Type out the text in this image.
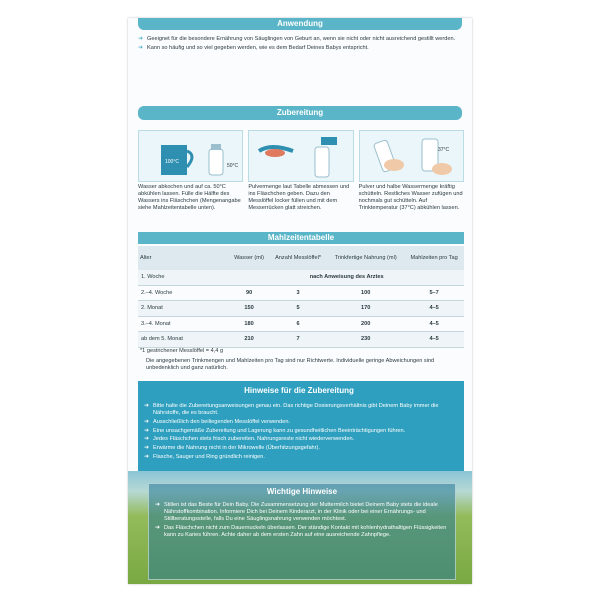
Anwendung
➜ Geeignet für die besondere Ernährung von Säuglingen von Geburt an, wenn sie nicht oder nicht ausreichend gestillt werden.
➜ Kann so häufig und so viel gegeben werden, wie es dem Bedarf Deines Babys entspricht.
Zubereitung
100°C
50°C
37°C
Wasser abkochen und auf ca. 50°C abkühlen lassen. Fülle die Hälfte des Wassers ins Fläschchen (Mengenangabe siehe Mahlzeitentabelle unten).
Pulvermenge laut Tabelle abmessen und ins Fläschchen geben. Dazu den Messlöffel locker füllen und mit dem Messerrücken glatt streichen.
Pulver und halbe Wassermenge kräftig schütteln. Restliches Wasser zufügen und nochmals gut schütteln. Auf Trinktemperatur (37°C) abkühlen lassen.
Mahlzeitentabelle
Alter	Wasser (ml)	Anzahl Messlöffel*	Trinkfertige Nahrung (ml)	Mahlzeiten pro Tag
1. Woche	nach Anweisung des Arztes			
2.–4. Woche	90	3	100	5–7
2. Monat	150	5	170	4–5
3.–4. Monat	180	6	200	4–5
ab dem 5. Monat	210	7	230	4–5
*1 gestrichener Messlöffel = 4,4 g
Die angegebenen Trinkmengen und Mahlzeiten pro Tag sind nur Richtwerte. Individuelle geringe Abweichungen sind unbedenklich und ganz natürlich.
Hinweise für die Zubereitung
➜ Bitte halte die Zubereitungsanweisungen genau ein. Das richtige Dosierungsverhältnis gibt Deinem Baby immer die Nährstoffe, die es braucht.
➜ Ausschließlich den beiliegenden Messlöffel verwenden.
➜ Eine unsachgemäße Zubereitung und Lagerung kann zu gesundheitlichen Beeinträchtigungen führen.
➜ Jedes Fläschchen stets frisch zubereiten. Nahrungsreste nicht wiederverwenden.
➜ Erwärme die Nahrung nicht in der Mikrowelle (Überhitzungsgefahr).
➜ Flasche, Sauger und Ring gründlich reinigen.
Wichtige Hinweise
➜ Stillen ist das Beste für Dein Baby. Die Zusammensetzung der Muttermilch bietet Deinem Baby stets die ideale Nährstoffkombination. Informiere Dich bei Deinem Kinderarzt, in der Klinik oder bei einer Ernährungs- und Stillberatungsstelle, falls Du eine Säuglingsnahrung verwenden möchtest.
➜ Das Fläschchen nicht zum Dauernuckeln überlassen. Der ständige Kontakt mit kohlenhydrathaltigen Flüssigkeiten kann zu Karies führen. Achte daher ab dem ersten Zahn auf eine ausreichende Zahnpflege.
